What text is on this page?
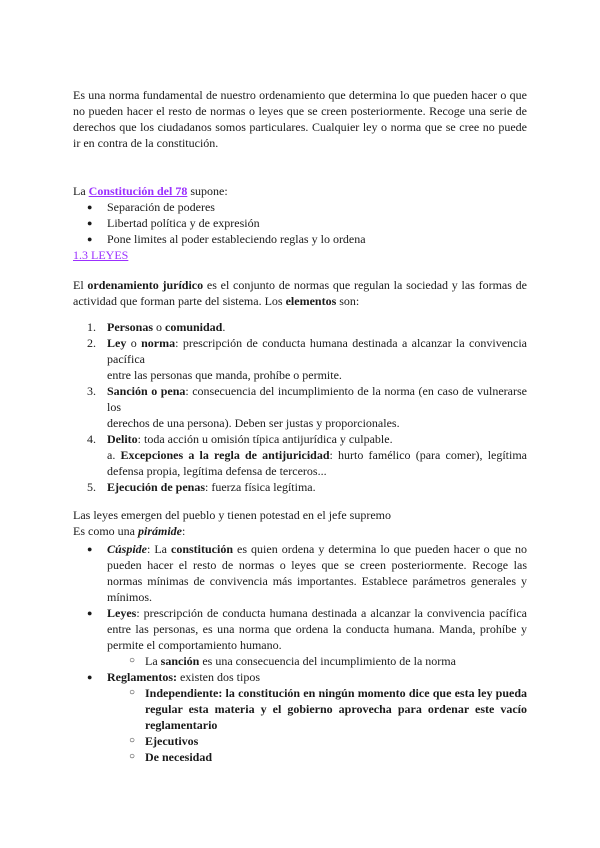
Es una norma fundamental de nuestro ordenamiento que determina lo que pueden hacer o que no pueden hacer el resto de normas o leyes que se creen posteriormente. Recoge una serie de derechos que los ciudadanos somos particulares. Cualquier ley o norma que se cree no puede ir en contra de la constitución.

La Constitución del 78 supone:

● Separación de poderes
● Libertad política y de expresión
● Pone limites al poder estableciendo reglas y lo ordena

1.3 LEYES

El ordenamiento jurídico es el conjunto de normas que regulan la sociedad y las formas de actividad que forman parte del sistema. Los elementos son:

1. Personas o comunidad.
2. Ley o norma: prescripción de conducta humana destinada a alcanzar la convivencia pacífica
entre las personas que manda, prohíbe o permite.
3. Sanción o pena: consecuencia del incumplimiento de la norma (en caso de vulnerarse los
derechos de una persona). Deben ser justas y proporcionales.
4. Delito: toda acción u omisión típica antijurídica y culpable.
a. Excepciones a la regla de antijuricidad: hurto famélico (para comer), legítima defensa propia, legítima defensa de terceros...
5. Ejecución de penas: fuerza física legítima.

Las leyes emergen del pueblo y tienen potestad en el jefe supremo

Es como una pirámide:

● Cúspide: La constitución es quien ordena y determina lo que pueden hacer o que no pueden hacer el resto de normas o leyes que se creen posteriormente. Recoge las normas mínimas de convivencia más importantes. Establece parámetros generales y mínimos.
● Leyes: prescripción de conducta humana destinada a alcanzar la convivencia pacífica entre las personas, es una norma que ordena la conducta humana. Manda, prohíbe y permite el comportamiento humano.
○ La sanción es una consecuencia del incumplimiento de la norma
● Reglamentos: existen dos tipos
○ Independiente: la constitución en ningún momento dice que esta ley pueda regular esta materia y el gobierno aprovecha para ordenar este vacío reglamentario
○ Ejecutivos
○ De necesidad
